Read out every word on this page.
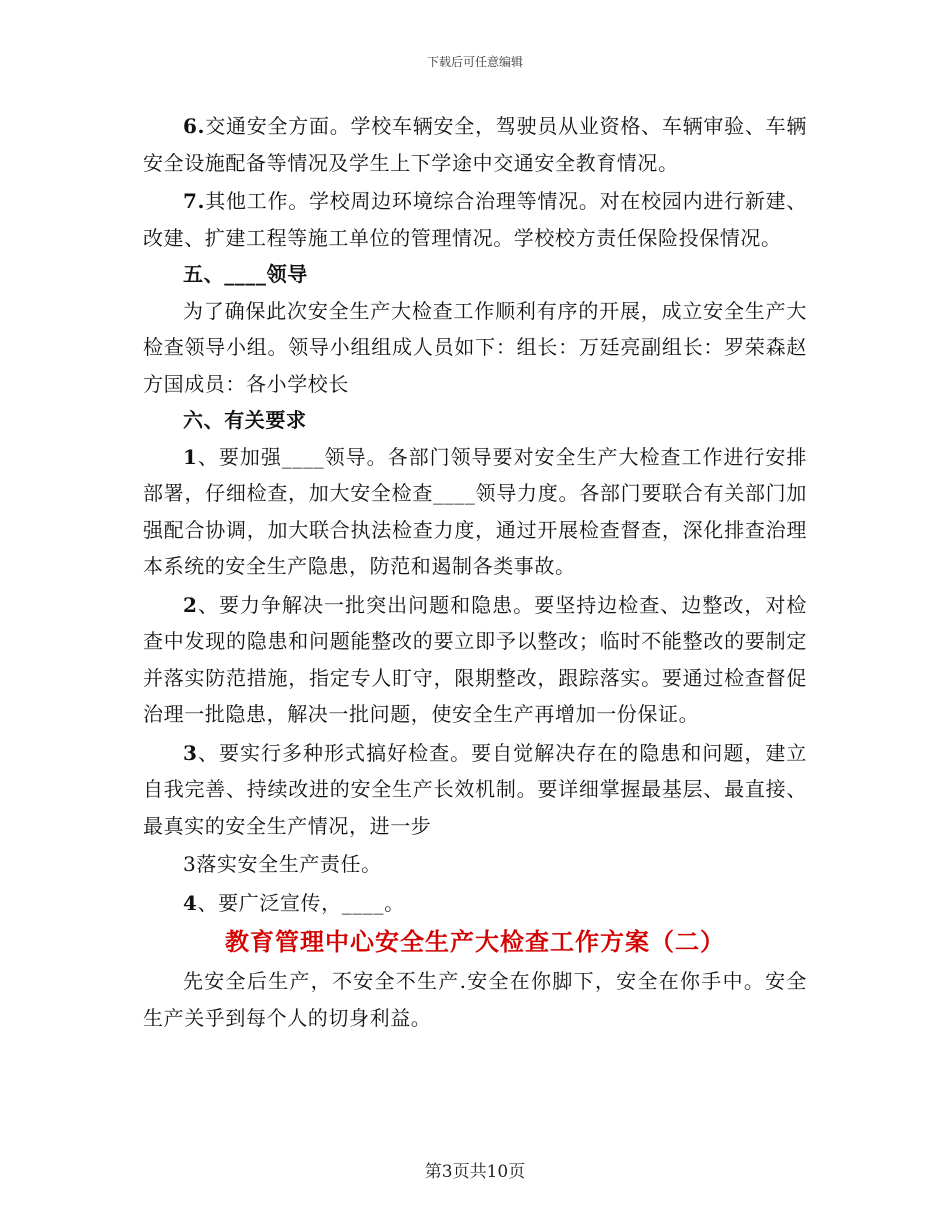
下载后可任意编辑

6.交通安全方面。学校车辆安全，驾驶员从业资格、车辆审验、车辆安全设施配备等情况及学生上下学途中交通安全教育情况。

7.其他工作。学校周边环境综合治理等情况。对在校园内进行新建、改建、扩建工程等施工单位的管理情况。学校校方责任保险投保情况。

五、____领导

为了确保此次安全生产大检查工作顺利有序的开展，成立安全生产大检查领导小组。领导小组组成人员如下：组长：万廷亮副组长：罗荣森赵方国成员：各小学校长

六、有关要求

1、要加强____领导。各部门领导要对安全生产大检查工作进行安排部署，仔细检查，加大安全检查____领导力度。各部门要联合有关部门加强配合协调，加大联合执法检查力度，通过开展检查督查，深化排查治理本系统的安全生产隐患，防范和遏制各类事故。

2、要力争解决一批突出问题和隐患。要坚持边检查、边整改，对检查中发现的隐患和问题能整改的要立即予以整改；临时不能整改的要制定并落实防范措施，指定专人盯守，限期整改，跟踪落实。要通过检查督促治理一批隐患，解决一批问题，使安全生产再增加一份保证。

3、要实行多种形式搞好检查。要自觉解决存在的隐患和问题，建立自我完善、持续改进的安全生产长效机制。要详细掌握最基层、最直接、最真实的安全生产情况，进一步

3落实安全生产责任。

4、要广泛宣传，____。

教育管理中心安全生产大检查工作方案（二）

先安全后生产，不安全不生产.安全在你脚下，安全在你手中。安全生产关乎到每个人的切身利益。

第3页共10页
